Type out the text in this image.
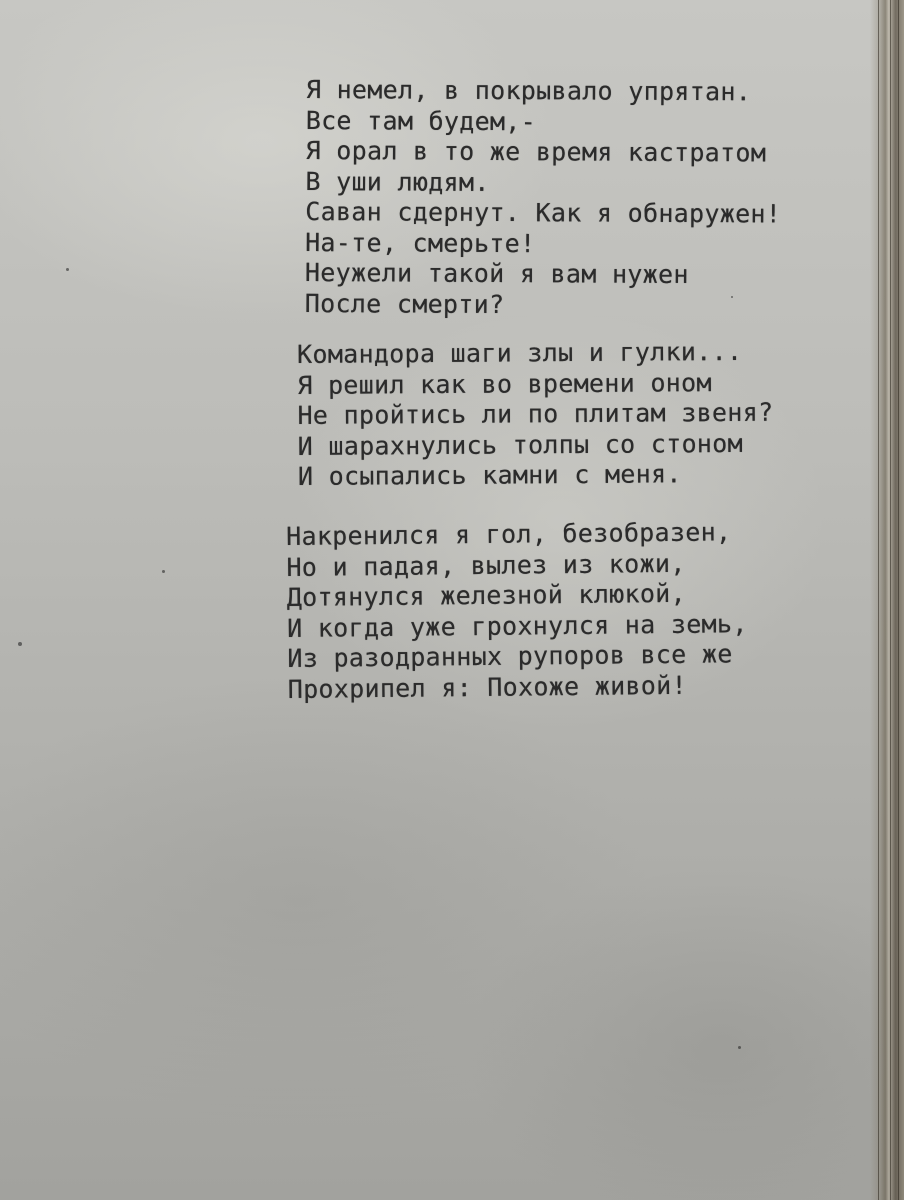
Я немел, в покрывало упрятан.
Все там будем,-
Я орал в то же время кастратом
В уши людям.
Саван сдернут. Как я обнаружен!
На-те, смерьте!
Неужели такой я вам нужен
После смерти?
Командора шаги злы и гулки...
Я решил как во времени оном
Не пройтись ли по плитам звеня?
И шарахнулись толпы со стоном
И осыпались камни с меня.
Накренился я гол, безобразен,
Но и падая, вылез из кожи,
Дотянулся железной клюкой,
И когда уже грохнулся на земь,
Из разодранных рупоров все же
Прохрипел я: Похоже живой!
